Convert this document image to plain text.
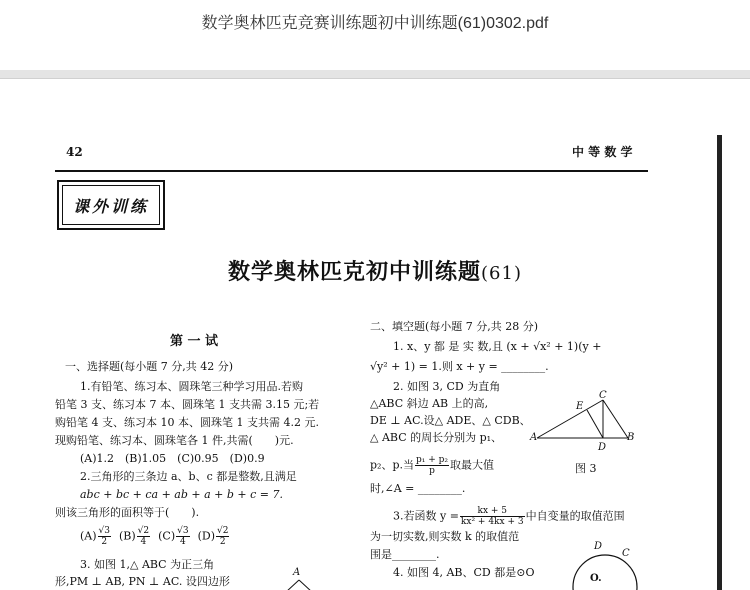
数学奥林匹克竞赛训练题初中训练题(61)0302.pdf
42	中 等 数 学
课外训练
数学奥林匹克初中训练题(61)
第 一 试
一、选择题(每小题 7 分,共 42 分)
1.有铅笔、练习本、圆珠笔三种学习用品.若购
铅笔 3 支、练习本 7 本、圆珠笔 1 支共需 3.15 元;若
购铅笔 4 支、练习本 10 本、圆珠笔 1 支共需 4.2 元.
现购铅笔、练习本、圆珠笔各 1 件,共需(　　)元.
(A)1.2　(B)1.05　(C)0.95　(D)0.9
2.三角形的三条边 a、b、c 都是整数,且满足
abc + bc + ca + ab + a + b + c = 7.
则该三角形的面积等于(　　).
$(A) \frac{√3}{2} (B) \frac{√2}{4} (C) \frac{√3}{4} (D) \frac{√2}{2}$
3. 如图 1,△ ABC 为正三角
形,PM ⊥ AB, PN ⊥ AC. 设四边形
A
二、填空题(每小题 7 分,共 28 分)
1. x、y 都 是 实 数,且 (x + √x² + 1)(y +
√y² + 1) = 1.则 x + y = ________.
2. 如图 3, CD 为直角
△ABC 斜边 AB 上的高,
DE ⊥ AC.设△ ADE、△ CDB、
△ ABC 的周长分别为 p₁、
p₂、p.当 $\frac{\text{p₁ + p₂}}{p}$ 取最大值
时,∠A = ________.
A	B
C
D
E
图 3
3.若函数 $y = \frac{kx + 5}{\text{kx² + 4kx + 3}}$ 中自变量的取值范围
为一切实数,则实数 k 的取值范
围是________.
4. 如图 4, AB、CD 都是⊙O
D
C
O.
